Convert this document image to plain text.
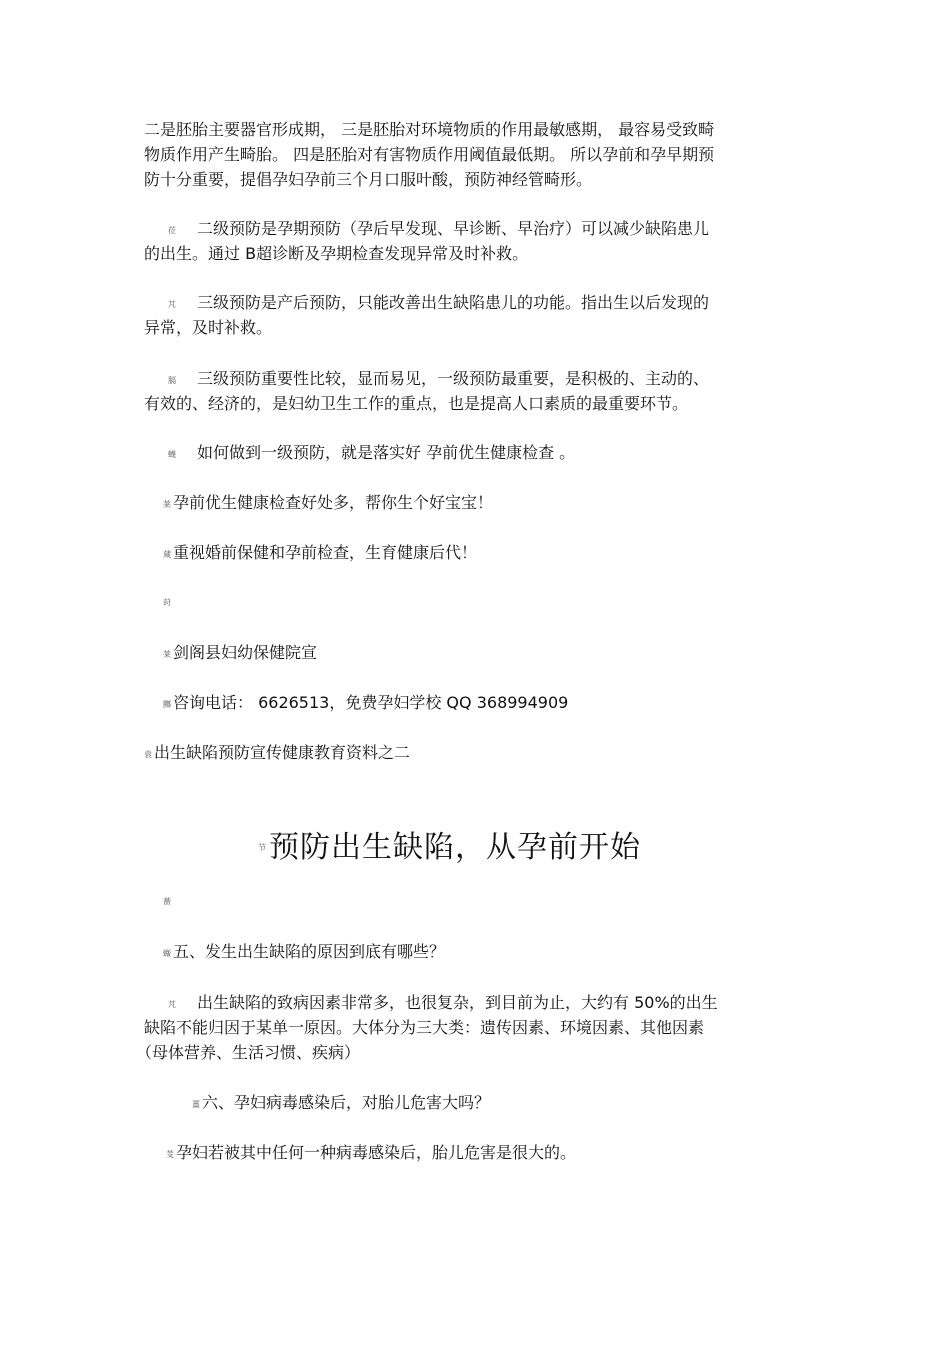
二是胚胎主要器官形成期， 三是胚胎对环境物质的作用最敏感期， 最容易受致畸
物质作用产生畸胎。 四是胚胎对有害物质作用阈值最低期。 所以孕前和孕早期预
防十分重要，提倡孕妇孕前三个月口服叶酸，预防神经管畸形。
莅 二级预防是孕期预防（孕后早发现、早诊断、早治疗）可以减少缺陷患儿
的出生。通过 B超诊断及孕期检查发现异常及时补救。
芃 三级预防是产后预防，只能改善出生缺陷患儿的功能。指出生以后发现的
异常，及时补救。
膈 三级预防重要性比较，显而易见，一级预防最重要，是积极的、主动的、
有效的、经济的，是妇幼卫生工作的重点，也是提高人口素质的最重要环节。
蠛 如何做到一级预防，就是落实好 孕前优生健康检查 。
莱 孕前优生健康检查好处多，帮你生个好宝宝！
蒇 重视婚前保健和孕前检查，生育健康后代！
莳
莱 剑阁县妇幼保健院宣
膷 咨询电话： 6626513，免费孕妇学校 QQ 368994909
袁 出生缺陷预防宣传健康教育资料之二
节 预防出生缺陷，从孕前开始
薔
蝂 五、发生出生缺陷的原因到底有哪些？
芃 出生缺陷的致病因素非常多，也很复杂，到目前为止，大约有 50%的出生
缺陷不能归因于某单一原因。大体分为三大类：遗传因素、环境因素、其他因素
（母体营养、生活习惯、疾病）
薑 六、孕妇病毒感染后，对胎儿危害大吗？
芰 孕妇若被其中任何一种病毒感染后，胎儿危害是很大的。
